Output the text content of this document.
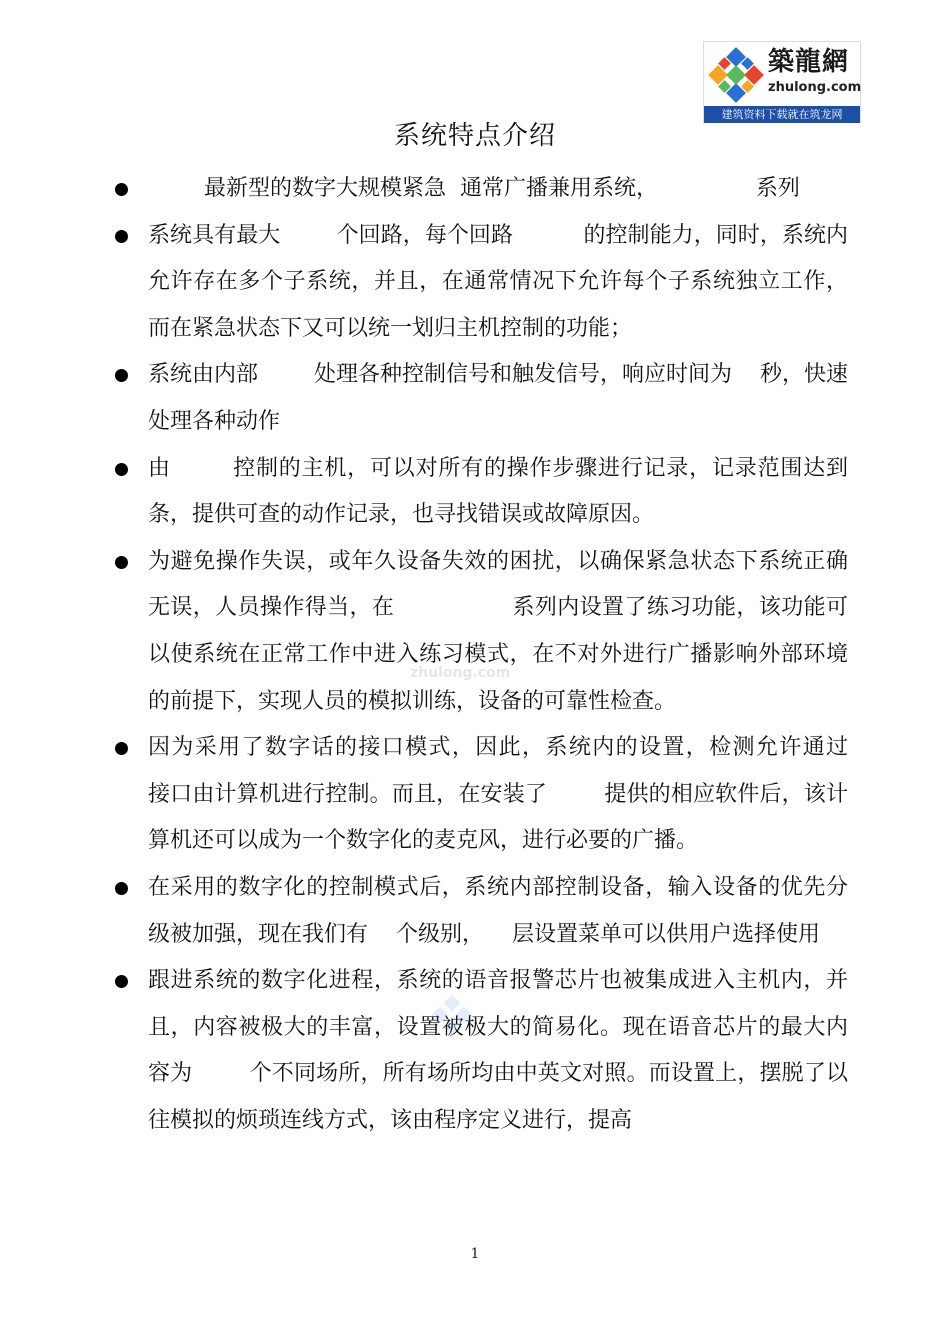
築龍網
zhulong.com
建筑资料下载就在筑龙网
系统特点介绍

最新型的数字大规模紧急  通常广播兼用系统，              系列

系统具有最大        个回路，每个回路          的控制能力，同时，系统内允许存在多个子系统，并且，在通常情况下允许每个子系统独立工作，而在紧急状态下又可以统一划归主机控制的功能；

系统由内部        处理各种控制信号和触发信号，响应时间为    秒，快速处理各种动作

由        控制的主机，可以对所有的操作步骤进行记录，记录范围达到          条，提供可查的动作记录，也寻找错误或故障原因。

为避免操作失误，或年久设备失效的困扰，以确保紧急状态下系统正确无误，人员操作得当，在                系列内设置了练习功能，该功能可以使系统在正常工作中进入练习模式，在不对外进行广播影响外部环境的前提下，实现人员的模拟训练，设备的可靠性检查。

因为采用了数字话的接口模式，因此，系统内的设置，检测允许通过        接口由计算机进行控制。而且，在安装了        提供的相应软件后，该计算机还可以成为一个数字化的麦克风，进行必要的广播。

在采用的数字化的控制模式后，系统内部控制设备，输入设备的优先分级被加强，现在我们有    个级别，    层设置菜单可以供用户选择使用

跟进系统的数字化进程，系统的语音报警芯片也被集成进入主机内，并且，内容被极大的丰富，设置被极大的简易化。现在语音芯片的最大内容为        个不同场所，所有场所均由中英文对照。而设置上，摆脱了以往模拟的烦琐连线方式，该由程序定义进行，提高

zhulong.com
1
